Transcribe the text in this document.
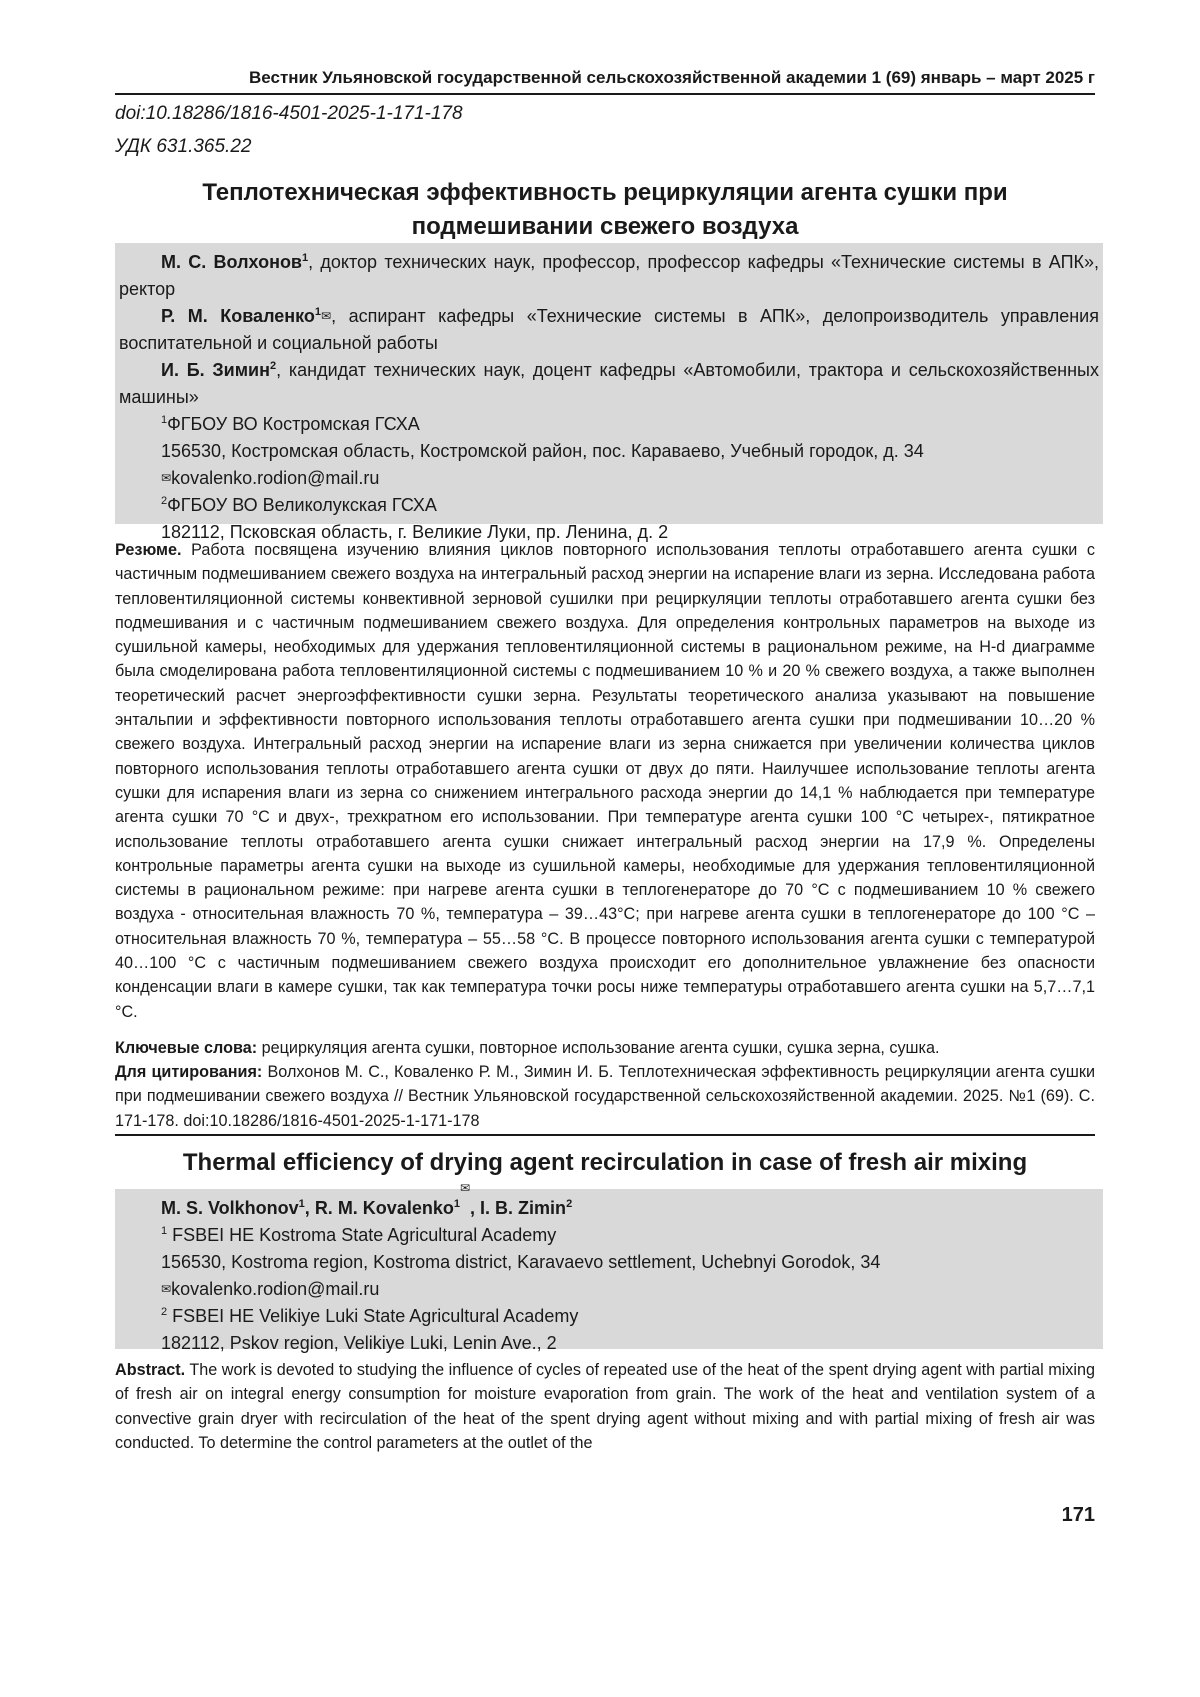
Вестник Ульяновской государственной сельскохозяйственной академии 1 (69) январь – март 2025 г
doi:10.18286/1816-4501-2025-1-171-178
УДК 631.365.22
Теплотехническая эффективность рециркуляции агента сушки при
подмешивании свежего воздуха
М. С. Волхонов1, доктор технических наук, профессор, профессор кафедры «Технические системы в АПК», ректор
Р. М. Коваленко1✉, аспирант кафедры «Технические системы в АПК», делопроизводитель управления воспитательной и социальной работы
И. Б. Зимин2, кандидат технических наук, доцент кафедры «Автомобили, трактора и сельскохозяйственных машины»
1ФГБОУ ВО Костромская ГСХА
156530, Костромская область, Костромской район, пос. Караваево, Учебный городок, д. 34
✉kovalenko.rodion@mail.ru
2ФГБОУ ВО Великолукская ГСХА
182112, Псковская область, г. Великие Луки, пр. Ленина, д. 2
Резюме. Работа посвящена изучению влияния циклов повторного использования теплоты отработавшего агента сушки с частичным подмешиванием свежего воздуха на интегральный расход энергии на испарение влаги из зерна. Исследована работа тепловентиляционной системы конвективной зерновой сушилки при рециркуляции теплоты отработавшего агента сушки без подмешивания и с частичным подмешиванием свежего воздуха. Для определения контрольных параметров на выходе из сушильной камеры, необходимых для удержания тепловентиляционной системы в рациональном режиме, на H-d диаграмме была смоделирована работа тепловентиляционной системы с подмешиванием 10 % и 20 % свежего воздуха, а также выполнен теоретический расчет энергоэффективности сушки зерна. Результаты теоретического анализа указывают на повышение энтальпии и эффективности повторного использования теплоты отработавшего агента сушки при подмешивании 10…20 % свежего воздуха. Интегральный расход энергии на испарение влаги из зерна снижается при увеличении количества циклов повторного использования теплоты отработавшего агента сушки от двух до пяти. Наилучшее использование теплоты агента сушки для испарения влаги из зерна со снижением интегрального расхода энергии до 14,1 % наблюдается при температуре агента сушки 70 °С и двух-, трехкратном его использовании. При температуре агента сушки 100 °С четырех-, пятикратное использование теплоты отработавшего агента сушки снижает интегральный расход энергии на 17,9 %. Определены контрольные параметры агента сушки на выходе из сушильной камеры, необходимые для удержания тепловентиляционной системы в рациональном режиме: при нагреве агента сушки в теплогенераторе до 70 °С с подмешиванием 10 % свежего воздуха - относительная влажность 70 %, температура – 39…43°С; при нагреве агента сушки в теплогенераторе до 100 °С – относительная влажность 70 %, температура – 55…58 °С. В процессе повторного использования агента сушки с температурой 40…100 °С с частичным подмешиванием свежего воздуха происходит его дополнительное увлажнение без опасности конденсации влаги в камере сушки, так как температура точки росы ниже температуры отработавшего агента сушки на 5,7…7,1 °С.
Ключевые слова: рециркуляция агента сушки, повторное использование агента сушки, сушка зерна, сушка.
Для цитирования: Волхонов М. С., Коваленко Р. М., Зимин И. Б. Теплотехническая эффективность рециркуляции агента сушки при подмешивании свежего воздуха // Вестник Ульяновской государственной сельскохозяйственной академии. 2025. №1 (69). С. 171-178. doi:10.18286/1816-4501-2025-1-171-178
Thermal efficiency of drying agent recirculation in case of fresh air mixing
M. S. Volkhonov1, R. M. Kovalenko1✉, I. B. Zimin2
1 FSBEI HE Kostroma State Agricultural Academy
156530, Kostroma region, Kostroma district, Karavaevo settlement, Uchebnyi Gorodok, 34
✉kovalenko.rodion@mail.ru
2 FSBEI HE Velikiye Luki State Agricultural Academy
182112, Pskov region, Velikiye Luki, Lenin Ave., 2
Abstract. The work is devoted to studying the influence of cycles of repeated use of the heat of the spent drying agent with partial mixing of fresh air on integral energy consumption for moisture evaporation from grain. The work of the heat and ventilation system of a convective grain dryer with recirculation of the heat of the spent drying agent without mixing and with partial mixing of fresh air was conducted. To determine the control parameters at the outlet of the
171
